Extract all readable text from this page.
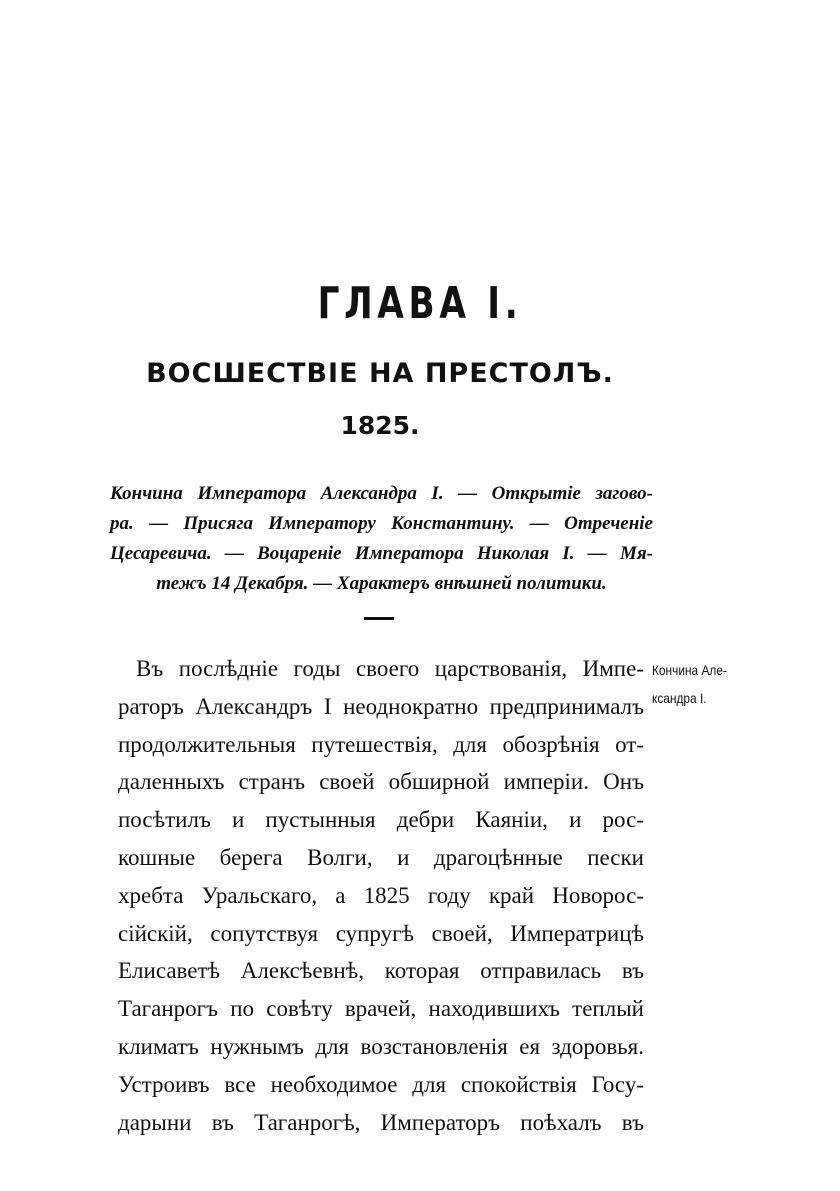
ГЛАВА I.
ВОСШЕСТВІЕ НА ПРЕСТОЛЪ.
1825.
Кончина Императора Александра I. — Открытіе загово-
ра. — Присяга Императору Константину. — Отреченіе
Цесаревича. — Воцареніе Императора Николая I. — Мя-
тежъ 14 Декабря. — Характеръ внѣшней политики.
Въ послѣдніе годы своего царствованія, Импе-
раторъ Александръ I неоднократно предпринималъ
продолжительныя путешествія, для обозрѣнія от-
даленныхъ странъ своей обширной имперіи. Онъ
посѣтилъ и пустынныя дебри Каяніи, и рос-
кошные берега Волги, и драгоцѣнные пески
хребта Уральскаго, а 1825 году край Новорос-
сійскій, сопутствуя супругѣ своей, Императрицѣ
Елисаветѣ Алексѣевнѣ, которая отправилась въ
Таганрогъ по совѣту врачей, находившихъ теплый
климатъ нужнымъ для возстановленія ея здоровья.
Устроивъ все необходимое для спокойствія Госу-
дарыни въ Таганрогѣ, Императоръ поѣхалъ въ
Кончина Але-
ксандра I.
